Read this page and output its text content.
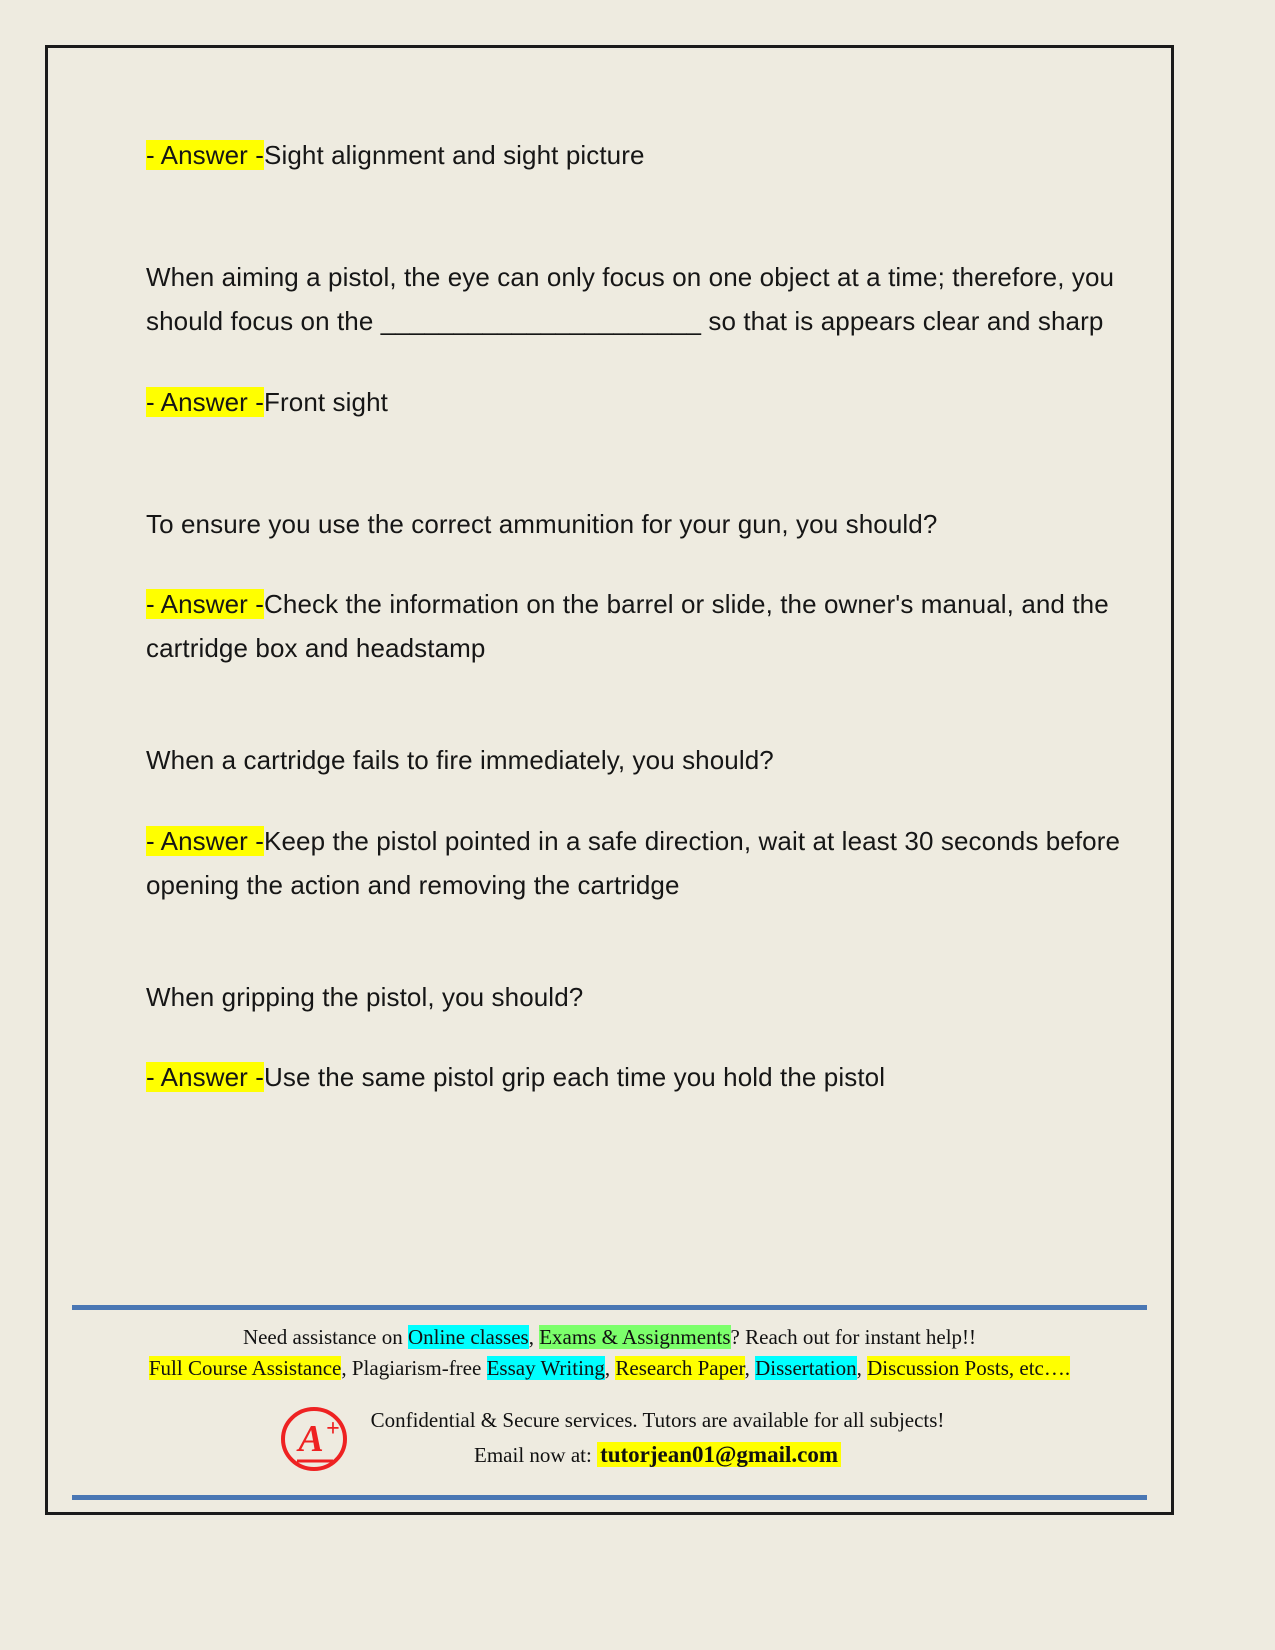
- Answer -Sight alignment and sight picture

When aiming a pistol, the eye can only focus on one object at a time; therefore, you should focus on the ______________________ so that is appears clear and sharp

- Answer -Front sight

To ensure you use the correct ammunition for your gun, you should?

- Answer -Check the information on the barrel or slide, the owner's manual, and the cartridge box and headstamp

When a cartridge fails to fire immediately, you should?

- Answer -Keep the pistol pointed in a safe direction, wait at least 30 seconds before opening the action and removing the cartridge

When gripping the pistol, you should?

- Answer -Use the same pistol grip each time you hold the pistol

Need assistance on Online classes, Exams & Assignments? Reach out for instant help!!
Full Course Assistance, Plagiarism-free Essay Writing, Research Paper, Dissertation, Discussion Posts, etc….
A + Confidential & Secure services. Tutors are available for all subjects!
Email now at: tutorjean01@gmail.com
